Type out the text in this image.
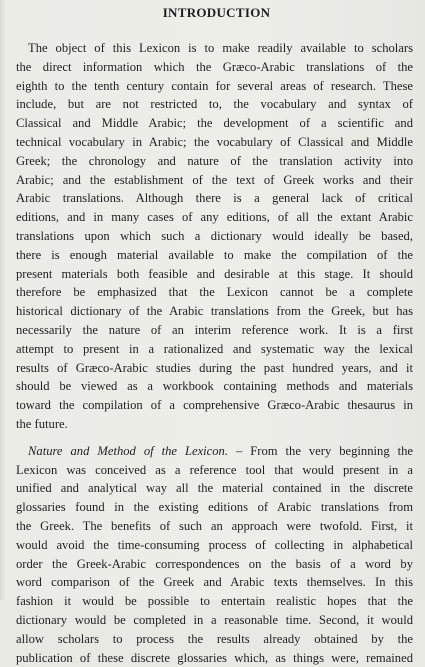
INTRODUCTION

The object of this Lexicon is to make readily available to scholars
the direct information which the Græco-Arabic translations of the
eighth to the tenth century contain for several areas of research. These
include, but are not restricted to, the vocabulary and syntax of
Classical and Middle Arabic; the development of a scientific and
technical vocabulary in Arabic; the vocabulary of Classical and Middle
Greek; the chronology and nature of the translation activity into
Arabic; and the establishment of the text of Greek works and their
Arabic translations. Although there is a general lack of critical
editions, and in many cases of any editions, of all the extant Arabic
translations upon which such a dictionary would ideally be based,
there is enough material available to make the compilation of the
present materials both feasible and desirable at this stage. It should
therefore be emphasized that the Lexicon cannot be a complete
historical dictionary of the Arabic translations from the Greek, but has
necessarily the nature of an interim reference work. It is a first
attempt to present in a rationalized and systematic way the lexical
results of Græco-Arabic studies during the past hundred years, and it
should be viewed as a workbook containing methods and materials
toward the compilation of a comprehensive Græco-Arabic thesaurus in
the future.

Nature and Method of the Lexicon. – From the very beginning the
Lexicon was conceived as a reference tool that would present in a
unified and analytical way all the material contained in the discrete
glossaries found in the existing editions of Arabic translations from
the Greek. The benefits of such an approach were twofold. First, it
would avoid the time-consuming process of collecting in alphabetical
order the Greek-Arabic correspondences on the basis of a word by
word comparison of the Greek and Arabic texts themselves. In this
fashion it would be possible to entertain realistic hopes that the
dictionary would be completed in a reasonable time. Second, it would
allow scholars to process the results already obtained by the
publication of these discrete glossaries which, as things were, remained
